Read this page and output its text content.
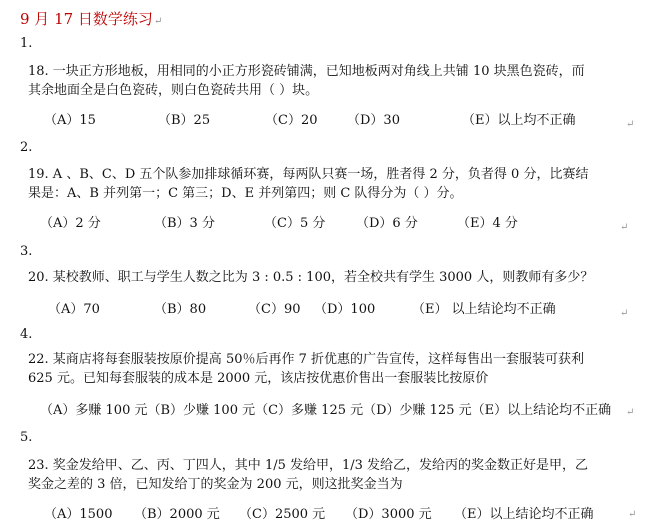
9 月 17 日数学练习↵
1.
18. 一块正方形地板，用相同的小正方形瓷砖铺满，已知地板两对角线上共铺 10 块黑色瓷砖，而
其余地面全是白色瓷砖，则白色瓷砖共用（ ）块。
（A）15	（B）25	（C）20 （D）30	（E）以上均不正确	↵
2.
19. A 、B、C、D 五个队参加排球循环赛，每两队只赛一场，胜者得 2 分，负者得 0 分，比赛结
果是：A、B 并列第一；C 第三；D、E 并列第四；则 C 队得分为（ ）分。
（A）2 分	（B）3 分	（C）5 分 （D）6 分	（E）4 分	↵
3.
20. 某校教师、职工与学生人数之比为 3 : 0.5 : 100，若全校共有学生 3000 人，则教师有多少？
（A）70	（B）80	（C）90 （D）100	（E） 以上结论均不正确	↵
4.
22. 某商店将每套服装按原价提高 50％后再作 7 折优惠的广告宣传，这样每售出一套服装可获利
625 元。已知每套服装的成本是 2000 元，该店按优惠价售出一套服装比按原价
（A）多赚 100 元（B）少赚 100 元（C）多赚 125 元（D）少赚 125 元（E）以上结论均不正确 ↵
5.
23. 奖金发给甲、乙、丙、丁四人，其中 1/5 发给甲，1/3 发给乙，发给丙的奖金数正好是甲，乙
奖金之差的 3 倍，已知发给丁的奖金为 200 元，则这批奖金当为
（A）1500 （B）2000 元 （C）2500 元 （D）3000 元 （E）以上结论均不正确	↵
